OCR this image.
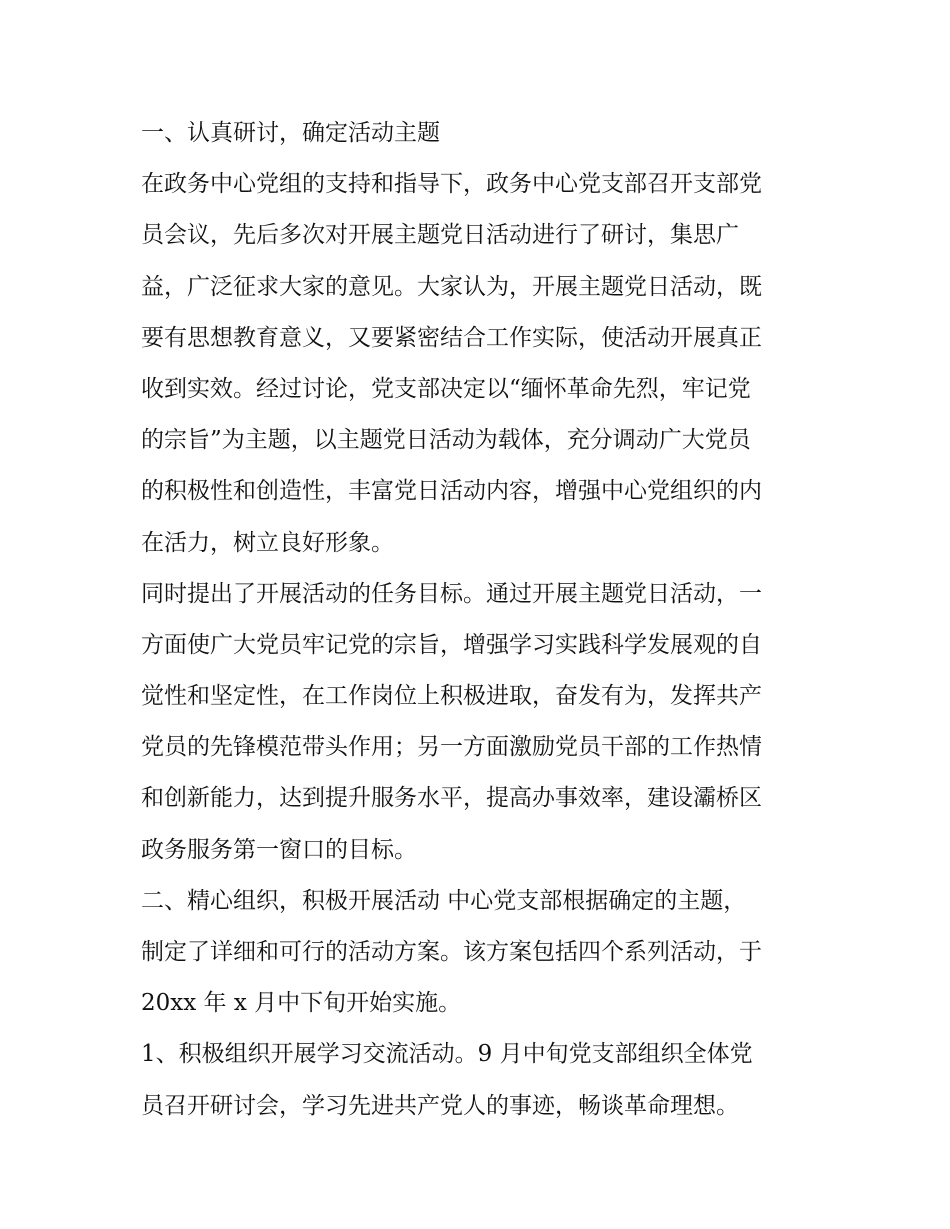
一、认真研讨，确定活动主题
在政务中心党组的支持和指导下，政务中心党支部召开支部党
员会议，先后多次对开展主题党日活动进行了研讨，集思广
益，广泛征求大家的意见。大家认为，开展主题党日活动，既
要有思想教育意义，又要紧密结合工作实际，使活动开展真正
收到实效。经过讨论，党支部决定以“缅怀革命先烈，牢记党
的宗旨”为主题，以主题党日活动为载体，充分调动广大党员
的积极性和创造性，丰富党日活动内容，增强中心党组织的内
在活力，树立良好形象。
同时提出了开展活动的任务目标。通过开展主题党日活动，一
方面使广大党员牢记党的宗旨，增强学习实践科学发展观的自
觉性和坚定性，在工作岗位上积极进取，奋发有为，发挥共产
党员的先锋模范带头作用；另一方面激励党员干部的工作热情
和创新能力，达到提升服务水平，提高办事效率，建设灞桥区
政务服务第一窗口的目标。
二、精心组织，积极开展活动 中心党支部根据确定的主题，
制定了详细和可行的活动方案。该方案包括四个系列活动，于
20xx 年 x 月中下旬开始实施。
1、积极组织开展学习交流活动。9 月中旬党支部组织全体党
员召开研讨会，学习先进共产党人的事迹，畅谈革命理想。
